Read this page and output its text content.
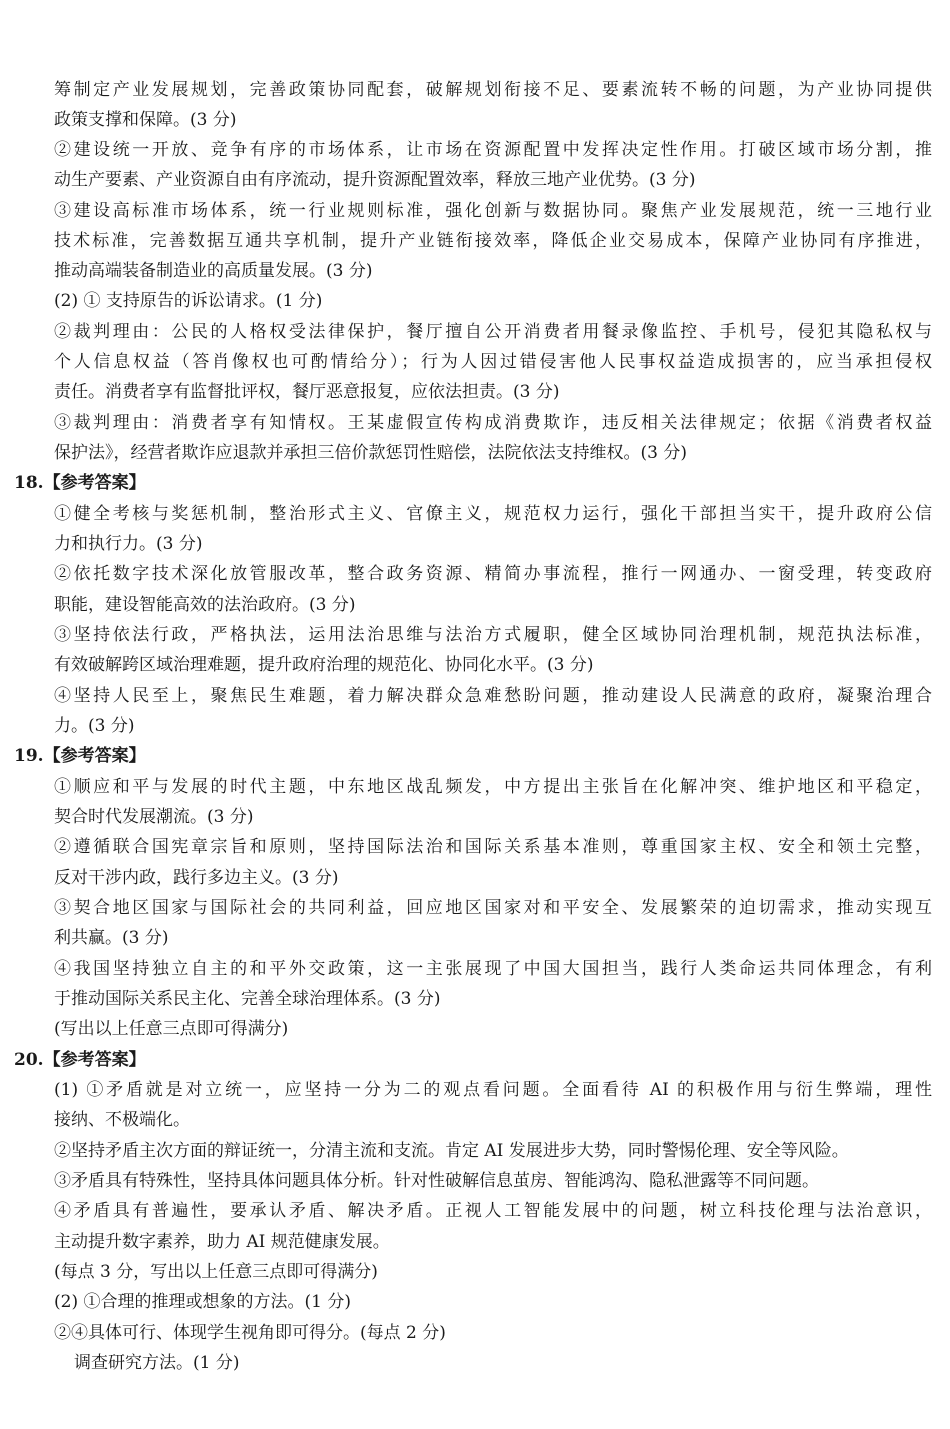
筹制定产业发展规划，完善政策协同配套，破解规划衔接不足、要素流转不畅的问题，为产业协同提供
政策支撑和保障。(3 分)
②建设统一开放、竞争有序的市场体系，让市场在资源配置中发挥决定性作用。打破区域市场分割，推
动生产要素、产业资源自由有序流动，提升资源配置效率，释放三地产业优势。(3 分)
③建设高标准市场体系，统一行业规则标准，强化创新与数据协同。聚焦产业发展规范，统一三地行业
技术标准，完善数据互通共享机制，提升产业链衔接效率，降低企业交易成本，保障产业协同有序推进，
推动高端装备制造业的高质量发展。(3 分)
(2) ① 支持原告的诉讼请求。(1 分)
②裁判理由：公民的人格权受法律保护，餐厅擅自公开消费者用餐录像监控、手机号，侵犯其隐私权与
个人信息权益（答肖像权也可酌情给分）；行为人因过错侵害他人民事权益造成损害的，应当承担侵权
责任。消费者享有监督批评权，餐厅恶意报复，应依法担责。(3 分)
③裁判理由：消费者享有知情权。王某虚假宣传构成消费欺诈，违反相关法律规定；依据《消费者权益
保护法》，经营者欺诈应退款并承担三倍价款惩罚性赔偿，法院依法支持维权。(3 分)
18.【参考答案】
①健全考核与奖惩机制，整治形式主义、官僚主义，规范权力运行，强化干部担当实干，提升政府公信
力和执行力。(3 分)
②依托数字技术深化放管服改革，整合政务资源、精简办事流程，推行一网通办、一窗受理，转变政府
职能，建设智能高效的法治政府。(3 分)
③坚持依法行政，严格执法，运用法治思维与法治方式履职，健全区域协同治理机制，规范执法标准，
有效破解跨区域治理难题，提升政府治理的规范化、协同化水平。(3 分)
④坚持人民至上，聚焦民生难题，着力解决群众急难愁盼问题，推动建设人民满意的政府，凝聚治理合
力。(3 分)
19.【参考答案】
①顺应和平与发展的时代主题，中东地区战乱频发，中方提出主张旨在化解冲突、维护地区和平稳定，
契合时代发展潮流。(3 分)
②遵循联合国宪章宗旨和原则，坚持国际法治和国际关系基本准则，尊重国家主权、安全和领土完整，
反对干涉内政，践行多边主义。(3 分)
③契合地区国家与国际社会的共同利益，回应地区国家对和平安全、发展繁荣的迫切需求，推动实现互
利共赢。(3 分)
④我国坚持独立自主的和平外交政策，这一主张展现了中国大国担当，践行人类命运共同体理念，有利
于推动国际关系民主化、完善全球治理体系。(3 分)
(写出以上任意三点即可得满分)
20.【参考答案】
(1) ①矛盾就是对立统一，应坚持一分为二的观点看问题。全面看待 AI 的积极作用与衍生弊端，理性
接纳、不极端化。
②坚持矛盾主次方面的辩证统一，分清主流和支流。肯定 AI 发展进步大势，同时警惕伦理、安全等风险。
③矛盾具有特殊性，坚持具体问题具体分析。针对性破解信息茧房、智能鸿沟、隐私泄露等不同问题。
④矛盾具有普遍性，要承认矛盾、解决矛盾。正视人工智能发展中的问题，树立科技伦理与法治意识，
主动提升数字素养，助力 AI 规范健康发展。
(每点 3 分，写出以上任意三点即可得满分)
(2) ①合理的推理或想象的方法。(1 分)
②④具体可行、体现学生视角即可得分。(每点 2 分)
调查研究方法。(1 分)
